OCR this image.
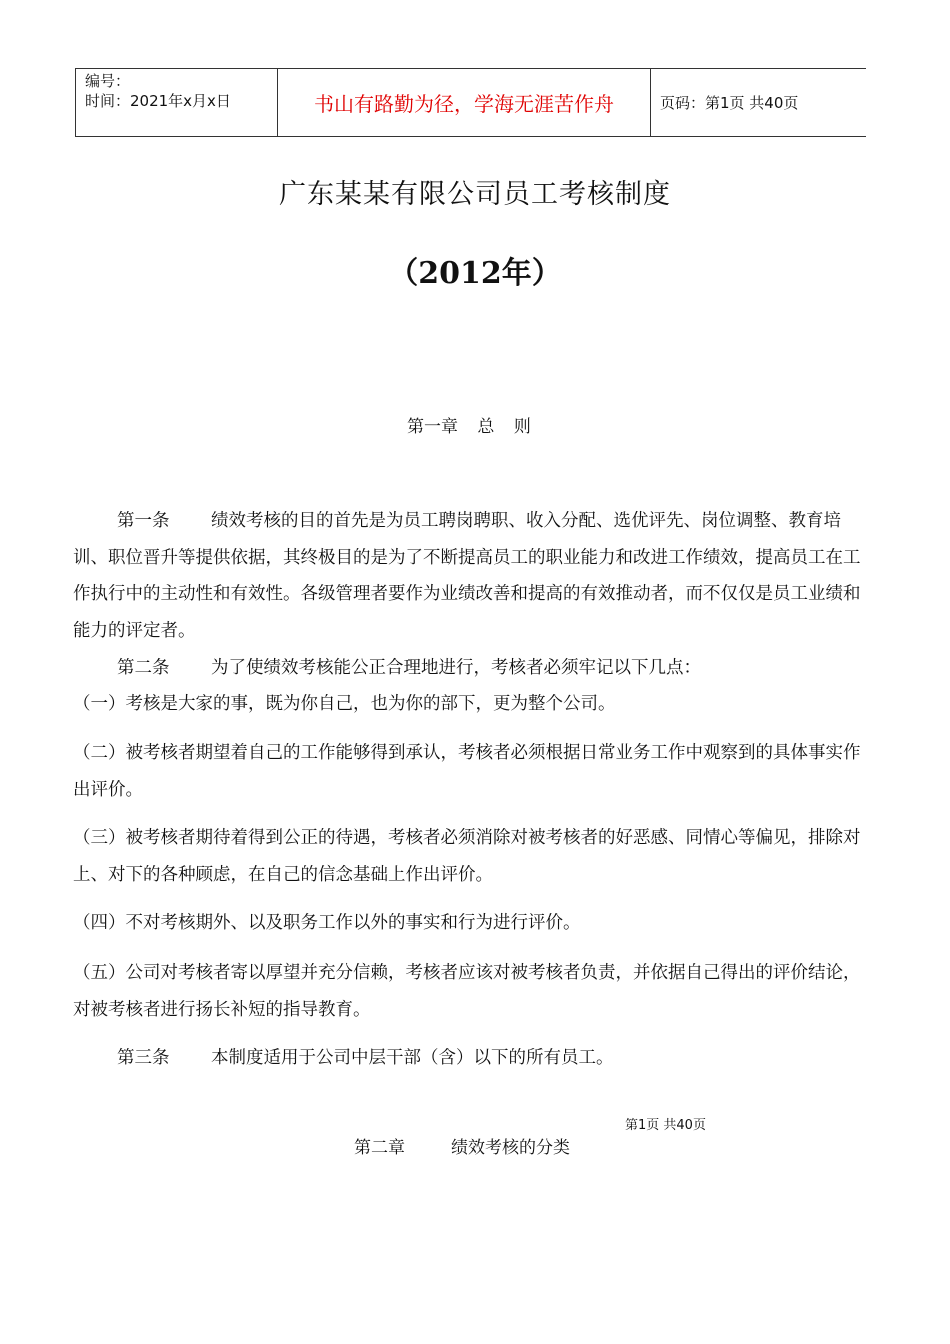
编号：
时间：2021年x月x日	书山有路勤为径，学海无涯苦作舟	页码：第1页 共40页
广东某某有限公司员工考核制度
（2012年）
第一章 总 则
第一条 绩效考核的目的首先是为员工聘岗聘职、收入分配、选优评先、岗位调整、教育培训、职位晋升等提供依据，其终极目的是为了不断提高员工的职业能力和改进工作绩效，提高员工在工作执行中的主动性和有效性。各级管理者要作为业绩改善和提高的有效推动者，而不仅仅是员工业绩和能力的评定者。
第二条 为了使绩效考核能公正合理地进行，考核者必须牢记以下几点：
（一）考核是大家的事，既为你自己，也为你的部下，更为整个公司。
（二）被考核者期望着自己的工作能够得到承认，考核者必须根据日常业务工作中观察到的具体事实作出评价。
（三）被考核者期待着得到公正的待遇，考核者必须消除对被考核者的好恶感、同情心等偏见，排除对上、对下的各种顾虑，在自己的信念基础上作出评价。
（四）不对考核期外、以及职务工作以外的事实和行为进行评价。
（五）公司对考核者寄以厚望并充分信赖，考核者应该对被考核者负责，并依据自己得出的评价结论，对被考核者进行扬长补短的指导教育。
第三条 本制度适用于公司中层干部（含）以下的所有员工。
第1页 共40页
第二章	绩效考核的分类
